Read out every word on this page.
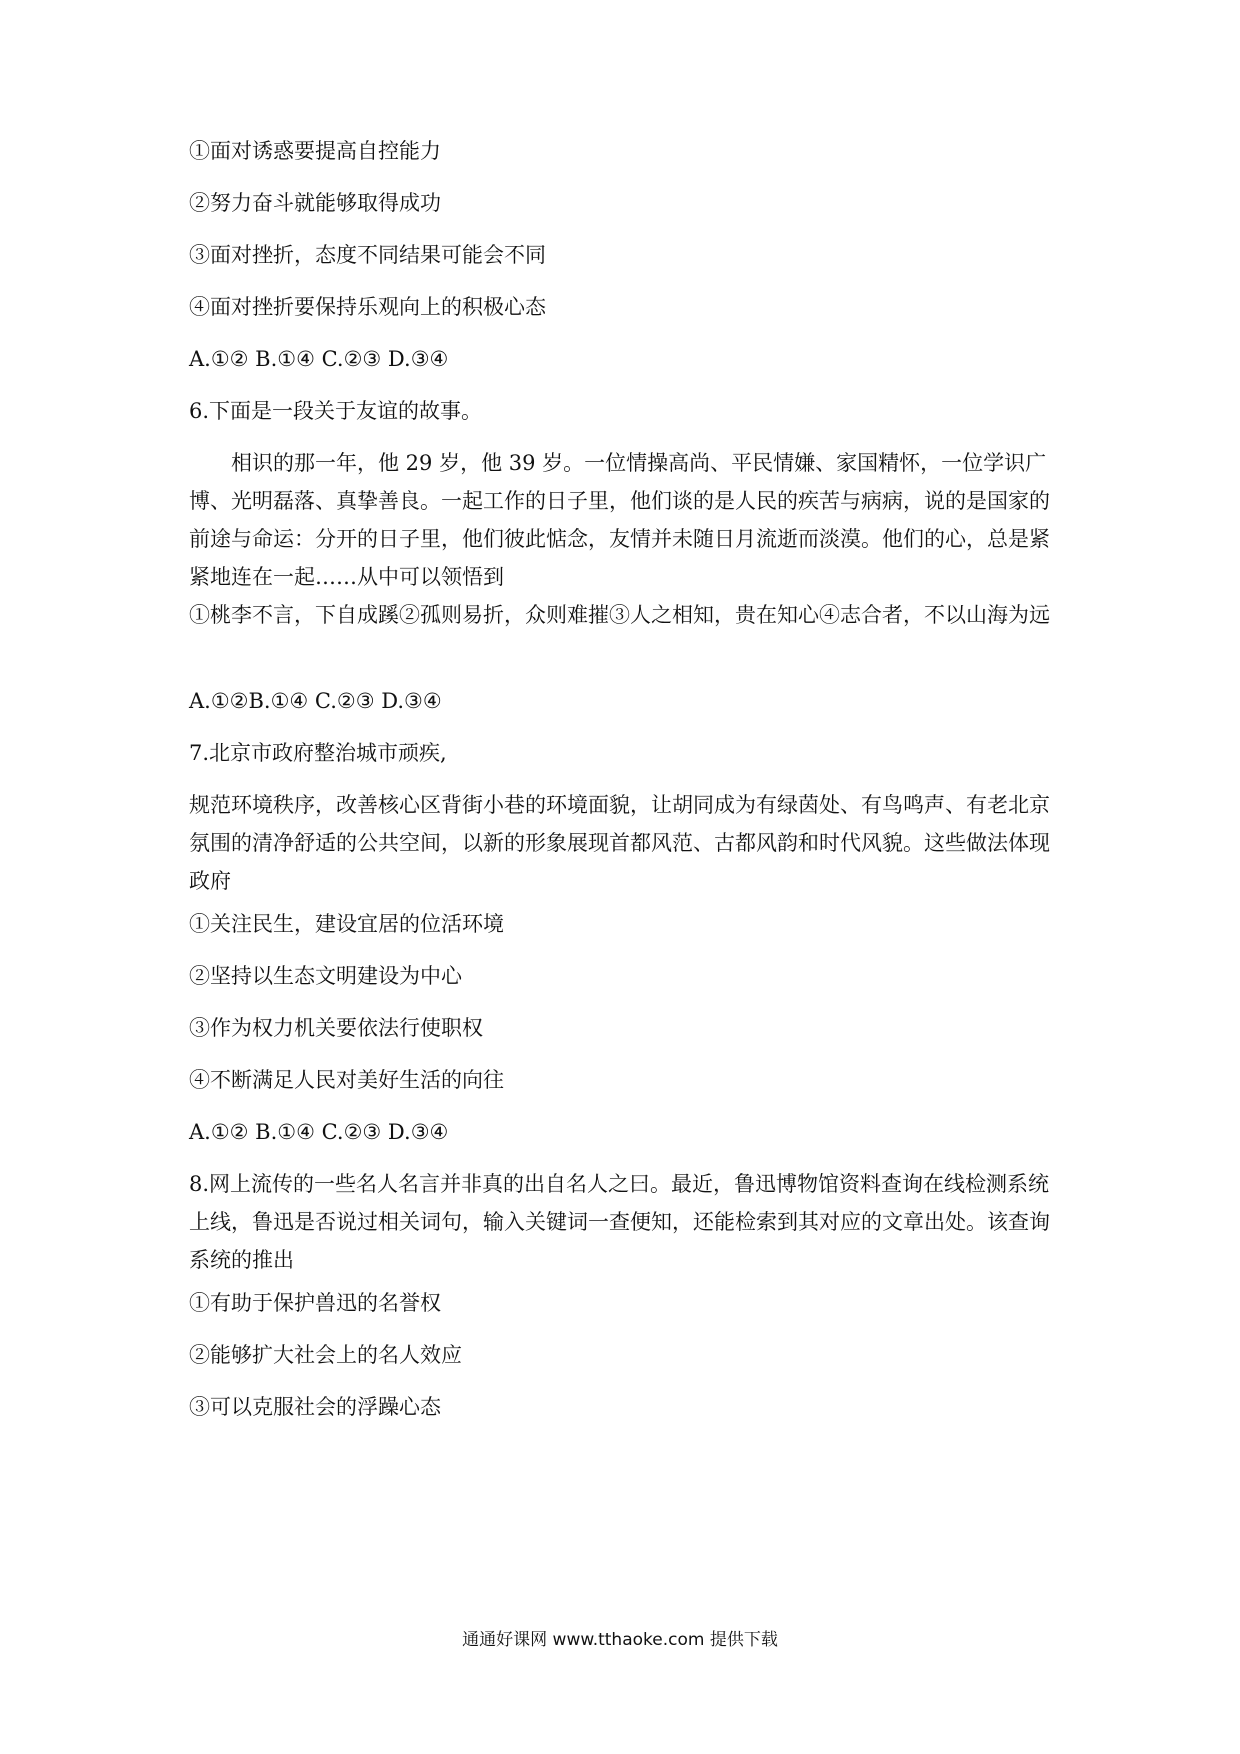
①面对诱惑要提高自控能力
②努力奋斗就能够取得成功
③面对挫折，态度不同结果可能会不同
④面对挫折要保持乐观向上的积极心态
A.①② B.①④ C.②③ D.③④
6.下面是一段关于友谊的故事。
相识的那一年，他 29 岁，他 39 岁。一位情操高尚、平民情嫌、家国精怀，一位学识广博、光明磊落、真挚善良。一起工作的日子里，他们谈的是人民的疾苦与病病，说的是国家的前途与命运：分开的日子里，他们彼此惦念，友情并未随日月流逝而淡漠。他们的心，总是紧紧地连在一起……从中可以领悟到
①桃李不言，下自成蹊②孤则易折，众则难摧③人之相知，贵在知心④志合者，不以山海为远
A.①②B.①④ C.②③ D.③④
7.北京市政府整治城市顽疾,
规范环境秩序，改善核心区背街小巷的环境面貌，让胡同成为有绿茵处、有鸟鸣声、有老北京氛围的清净舒适的公共空间，以新的形象展现首都风范、古都风韵和时代风貌。这些做法体现政府
①关注民生，建设宜居的位活环境
②坚持以生态文明建设为中心
③作为权力机关要依法行使职权
④不断满足人民对美好生活的向往
A.①② B.①④ C.②③ D.③④
8.网上流传的一些名人名言并非真的出自名人之曰。最近，鲁迅博物馆资料查询在线检测系统上线，鲁迅是否说过相关词句，输入关键词一查便知，还能检索到其对应的文章出处。该查询系统的推出
①有助于保护兽迅的名誉权
②能够扩大社会上的名人效应
③可以克服社会的浮躁心态
通通好课网 www.tthaoke.com 提供下载
